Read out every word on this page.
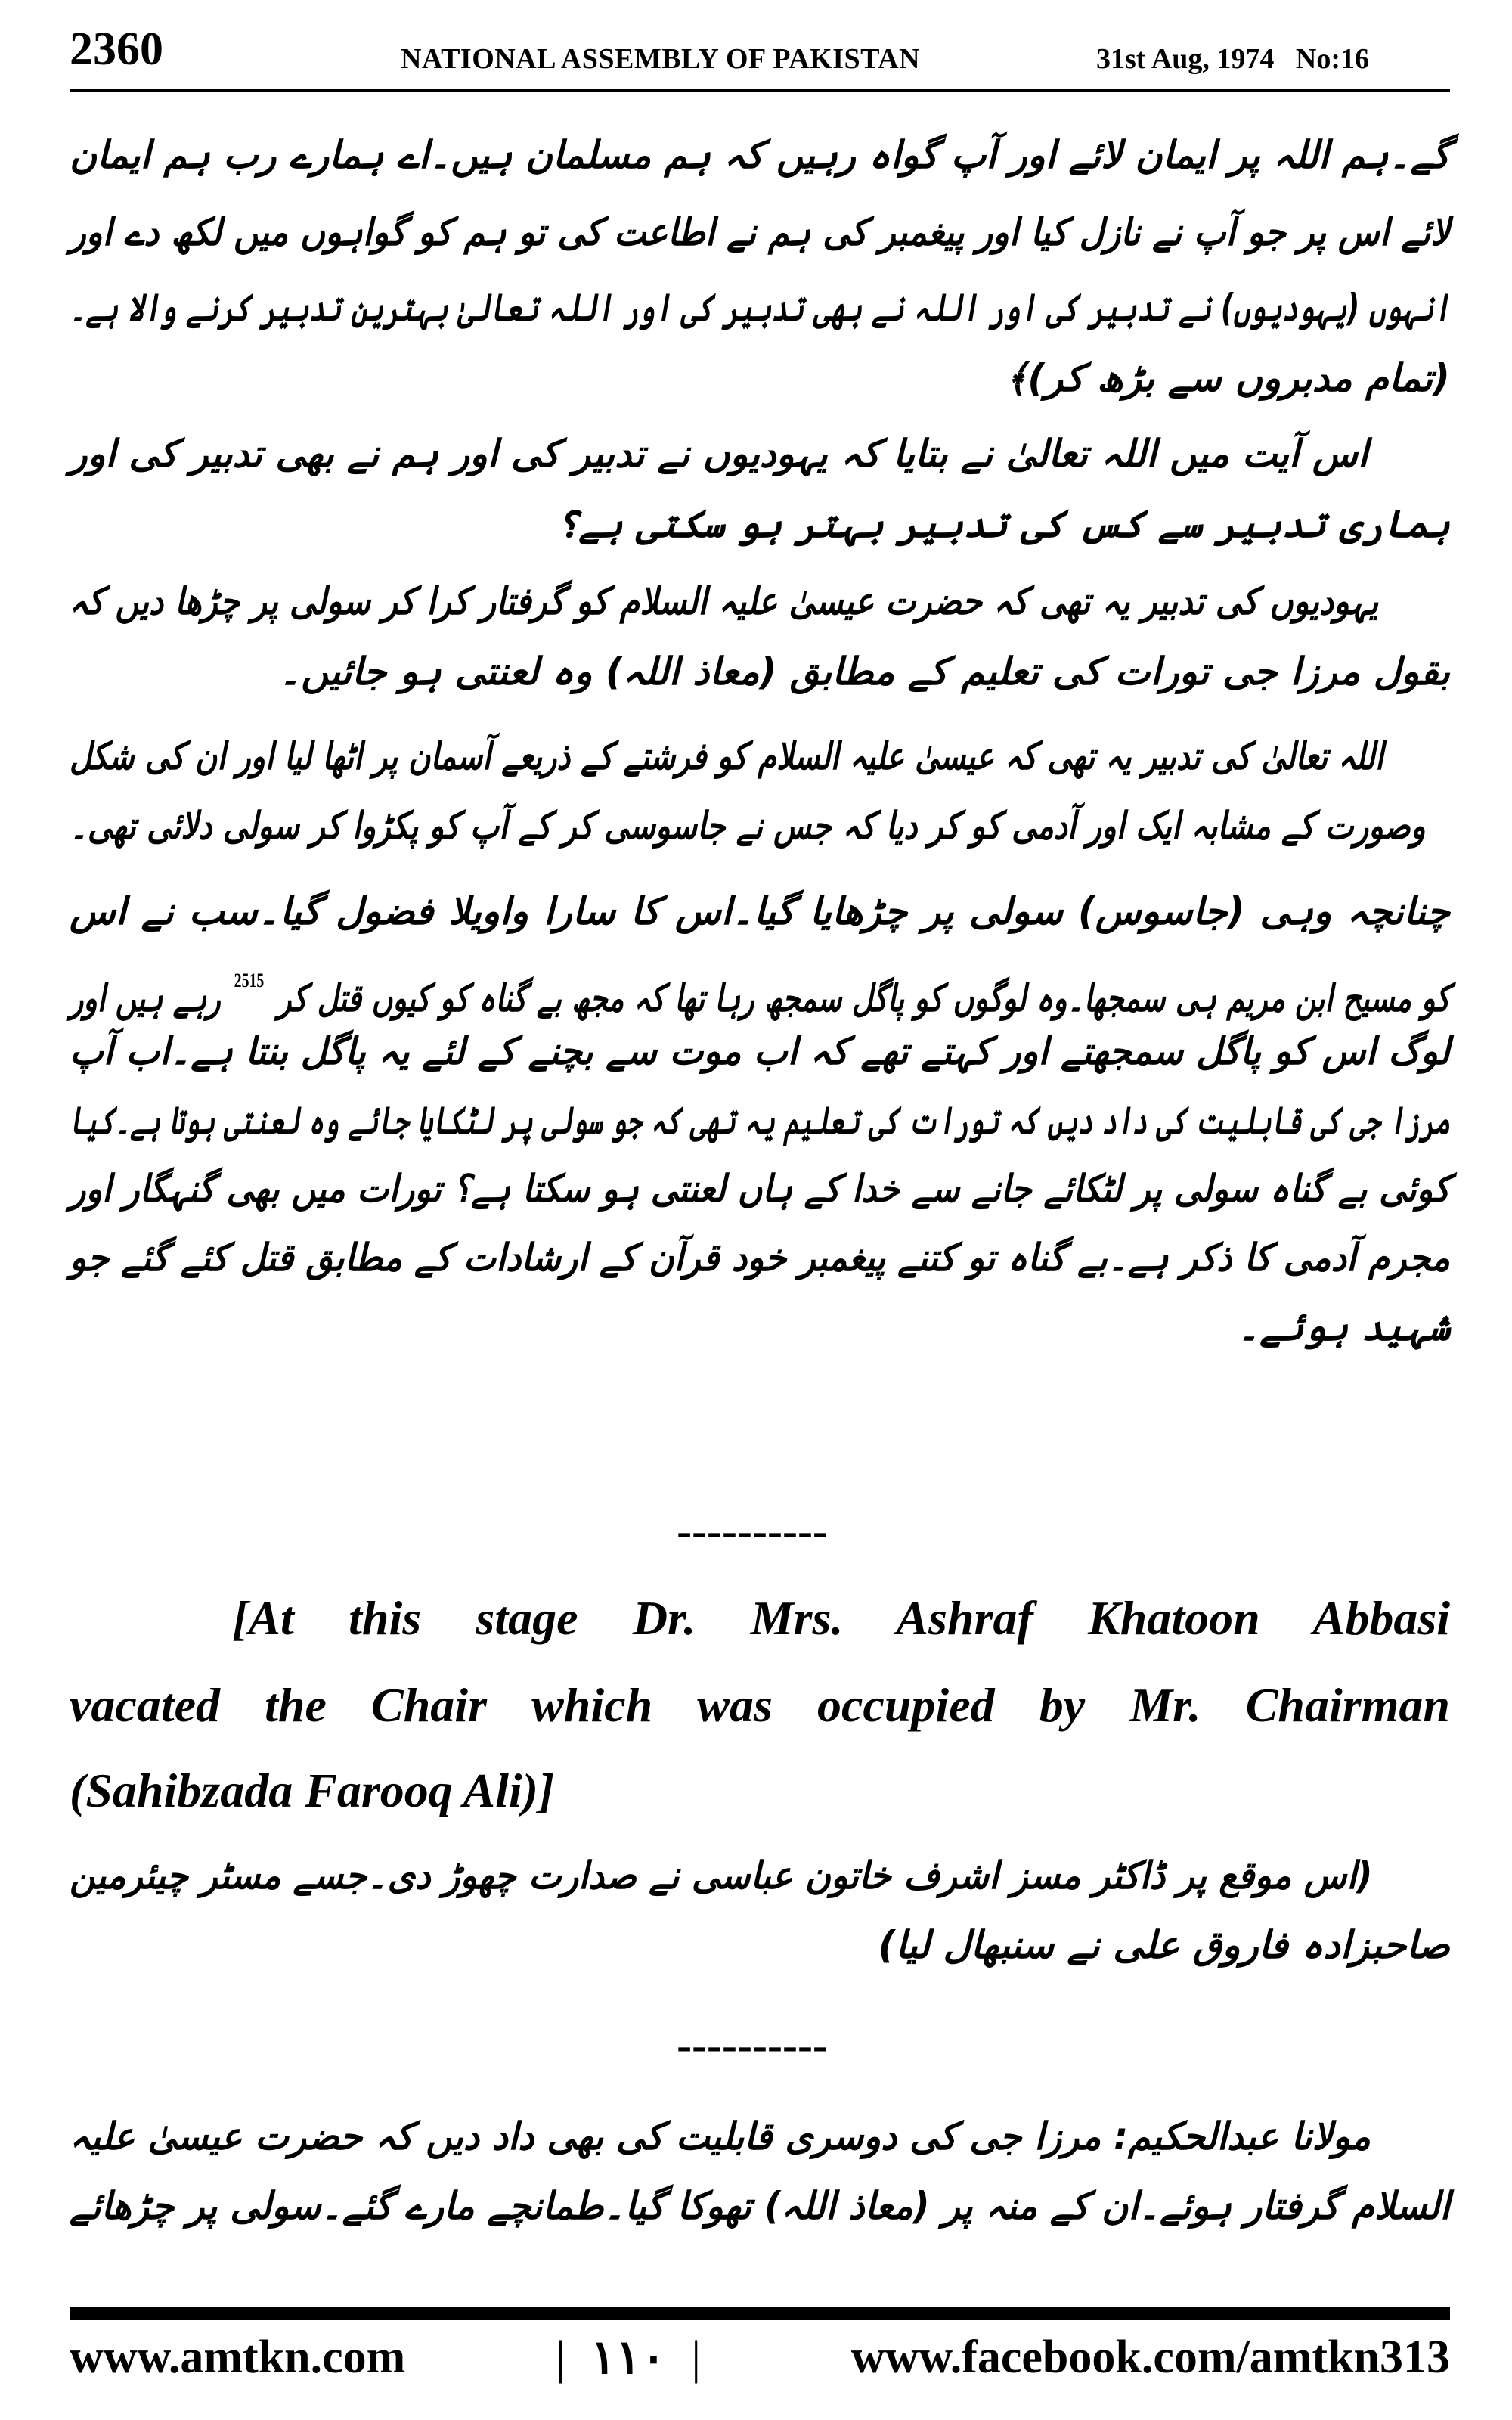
2360	NATIONAL ASSEMBLY OF PAKISTAN	31st Aug, 1974   No:16
گے۔ہم اللہ پر ایمان لائے اور آپ گواہ رہیں کہ ہم مسلمان ہیں۔اے ہمارے رب ہم ایمان
لائے اس پر جو آپ نے نازل کیا اور پیغمبر کی ہم نے اطاعت کی تو ہم کو گواہوں میں لکھ دے اور
انہوں (یہودیوں) نے تدبیر کی اور اللہ نے بھی تدبیر کی اور اللہ تعالیٰ بہترین تدبیر کرنے والا ہے۔
(تمام مدبروں سے بڑھ کر)﴾
اس آیت میں اللہ تعالیٰ نے بتایا کہ یہودیوں نے تدبیر کی اور ہم نے بھی تدبیر کی اور
ہماری تدبیر سے کس کی تدبیر بہتر ہو سکتی ہے؟
یہودیوں کی تدبیر یہ تھی کہ حضرت عیسیٰ علیہ السلام کو گرفتار کرا کر سولی پر چڑھا دیں کہ
بقول مرزا جی تورات کی تعلیم کے مطابق (معاذ اللہ) وہ لعنتی ہو جائیں۔
اللہ تعالیٰ کی تدبیر یہ تھی کہ عیسیٰ علیہ السلام کو فرشتے کے ذریعے آسمان پر اٹھا لیا اور ان کی شکل
وصورت کے مشابہ ایک اور آدمی کو کر دیا کہ جس نے جاسوسی کر کے آپ کو پکڑوا کر سولی دلائی تھی۔
چنانچہ وہی (جاسوس) سولی پر چڑھایا گیا۔اس کا سارا واویلا فضول گیا۔سب نے اس
کو مسیح ابن مریم ہی سمجھا۔وہ لوگوں کو پاگل سمجھ رہا تھا کہ مجھ بے گناہ کو کیوں قتل کر $^{2515}$ رہے ہیں اور
لوگ اس کو پاگل سمجھتے اور کہتے تھے کہ اب موت سے بچنے کے لئے یہ پاگل بنتا ہے۔اب آپ
مرزا جی کی قابلیت کی داد دیں کہ تورات کی تعلیم یہ تھی کہ جو سولی پر لٹکایا جائے وہ لعنتی ہوتا ہے۔کیا
کوئی بے گناہ سولی پر لٹکائے جانے سے خدا کے ہاں لعنتی ہو سکتا ہے؟ تورات میں بھی گنہگار اور
مجرم آدمی کا ذکر ہے۔بے گناہ تو کتنے پیغمبر خود قرآن کے ارشادات کے مطابق قتل کئے گئے جو
شہید ہوئے۔
----------
[At this stage Dr. Mrs. Ashraf Khatoon Abbasi
vacated the Chair which was occupied by Mr. Chairman
(Sahibzada Farooq Ali)]
(اس موقع پر ڈاکٹر مسز اشرف خاتون عباسی نے صدارت چھوڑ دی۔جسے مسٹر چیئرمین
صاحبزادہ فاروق علی نے سنبھال لیا)
----------
مولانا عبدالحکیم: مرزا جی کی دوسری قابلیت کی بھی داد دیں کہ حضرت عیسیٰ علیہ
السلام گرفتار ہوئے۔ان کے منہ پر (معاذ اللہ) تھوکا گیا۔طمانچے مارے گئے۔سولی پر چڑھائے
www.amtkn.com	| ۱۱۰ |	www.facebook.com/amtkn313
